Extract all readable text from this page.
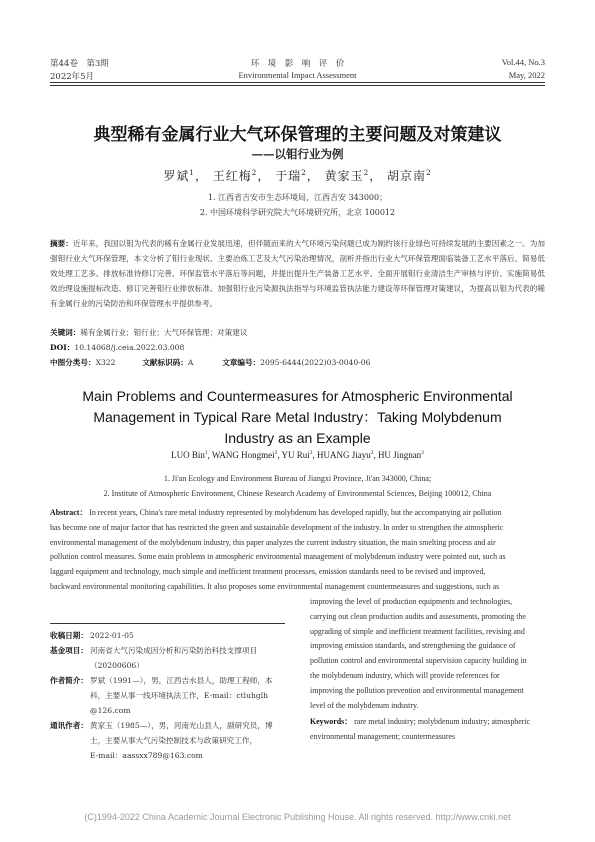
第44卷　第3期
2022年5月
环　境　影　响　评　价
Environmental Impact Assessment
Vol.44, No.3
May, 2022
典型稀有金属行业大气环保管理的主要问题及对策建议
——以钼行业为例
罗斌$^1$， 王红梅$^2$， 于瑞$^2$， 黄家玉$^2$， 胡京南$^2$
1. 江西省吉安市生态环境局，江西吉安 343000；
2. 中国环境科学研究院大气环境研究所，北京 100012
摘要：近年来，我国以钼为代表的稀有金属行业发展迅速，但伴随而来的大气环境污染问题已成为制约该行业绿色可持续发展的主要因素之一。为加强钼行业大气环保管理，本文分析了钼行业现状、主要冶炼工艺及大气污染治理情况，剖析并指出行业大气环保管理面临装备工艺水平落后、简易低效处理工艺多、排放标准待修订完善、环保监管水平落后等问题，并提出提升生产装备工艺水平、全面开展钼行业清洁生产审核与评价、实施简易低效治理设施提标改造、修订完善钼行业排放标准、加强钼行业污染源执法指导与环境监管执法能力建设等环保管理对策建议，为提高以钼为代表的稀有金属行业的污染防治和环保管理水平提供参考。
关键词：稀有金属行业；钼行业；大气环保管理；对策建议
DOI：10.14068/j.ceia.2022.03.008
中图分类号：X322	文献标识码：A	文章编号：2095-6444(2022)03-0040-06
Main Problems and Countermeasures for Atmospheric Environmental
Management in Typical Rare Metal Industry：Taking Molybdenum
Industry as an Example
LUO Bin$^1$, WANG Hongmei$^2$, YU Rui$^2$, HUANG Jiayu$^2$, HU Jingnan$^2$
1. Ji'an Ecology and Environment Bureau of Jiangxi Province, Ji'an 343000, China;
2. Institute of Atmospheric Environment, Chinese Research Academy of Environmental Sciences, Beijing 100012, China
Abstract： In recent years, China's rare metal industry represented by molybdenum has developed rapidly, but the accompanying air pollution
has become one of major factor that has restricted the green and sustainable development of the industry. In order to strengthen the atmospheric
environmental management of the molybdenum industry, this paper analyzes the current industry situation, the main smelting process and air
pollution control measures. Some main problems in atmospheric environmental management of molybdenum industry were pointed out, such as
laggard equipment and technology, much simple and inefficient treatment processes, emission standards need to be revised and improved,
backward environmental monitoring capabilities. It also proposes some environmental management countermeasures and suggestions, such as
improving the level of production equipments and technologies,
carrying out clean production audits and assessments, promoting the
upgrading of simple and inefficient treatment facilities, revising and
improving emission standards, and strengthening the guidance of
pollution control and environmental supervision capacity building in
the molybdenum industry, which will provide references for
improving the pollution prevention and environmental management
level of the molybdenum industry.
Keywords： rare metal industry; molybdenum industry; atmospheric
environmental management; countermeasures
收稿日期： 2022-01-05
基金项目： 河南省大气污染成因分析和污染防治科技支撑项目
（20200606）
作者简介： 罗斌（1991—），男，江西吉水县人，助理工程师，本
科，主要从事一线环境执法工作，E-mail：ctluhglh
@126.com
通讯作者： 黄家玉（1985—），男，河南光山县人，副研究员，博
士，主要从事大气污染控制技术与政策研究工作，
E-mail：aassxx789@163.com
(C)1994-2022 China Academic Journal Electronic Publishing House. All rights reserved. http://www.cnki.net
